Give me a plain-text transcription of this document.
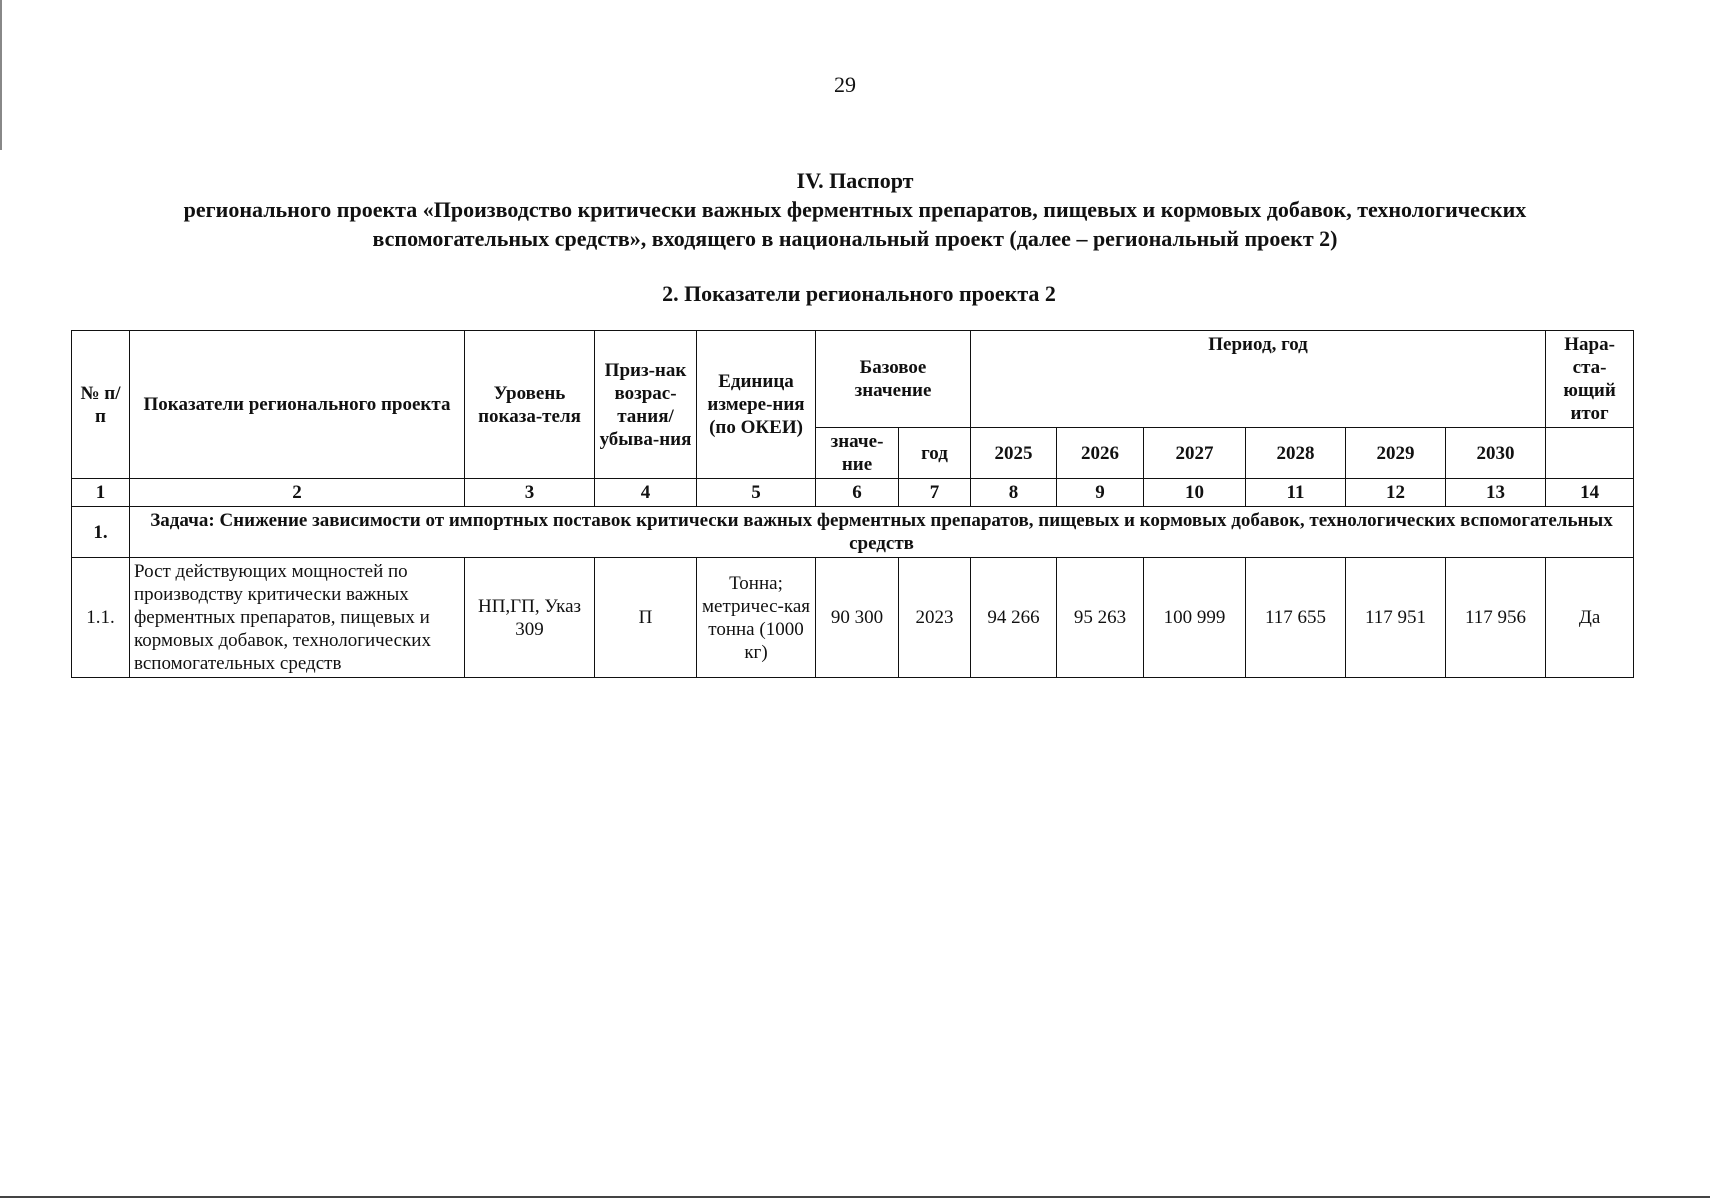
29
IV. Паспорт
регионального проекта «Производство критически важных ферментных препаратов, пищевых и кормовых добавок, технологических вспомогательных средств», входящего в национальный проект (далее – региональный проект 2)
2. Показатели регионального проекта 2
№ п/п	Показатели регионального проекта	Уровень показа-теля	Приз-нак возрас-тания/ убыва-ния	Единица измере-ния (по ОКЕИ)	Базовое значение		Период, год						Нара-ста-ющий итог
					значе-ние	год	2025	2026	2027	2028	2029	2030	
1	2	3	4	5	6	7	8	9	10	11	12	13	14
1.	Задача: Снижение зависимости от импортных поставок критически важных ферментных препаратов, пищевых и кормовых добавок, технологических вспомогательных средств												
1.1.	Рост действующих мощностей по производству критически важных ферментных препаратов, пищевых и кормовых добавок, технологических вспомогательных средств	НП,ГП, Указ 309	П	Тонна; метричес-кая тонна (1000 кг)	90 300	2023	94 266	95 263	100 999	117 655	117 951	117 956	Да
